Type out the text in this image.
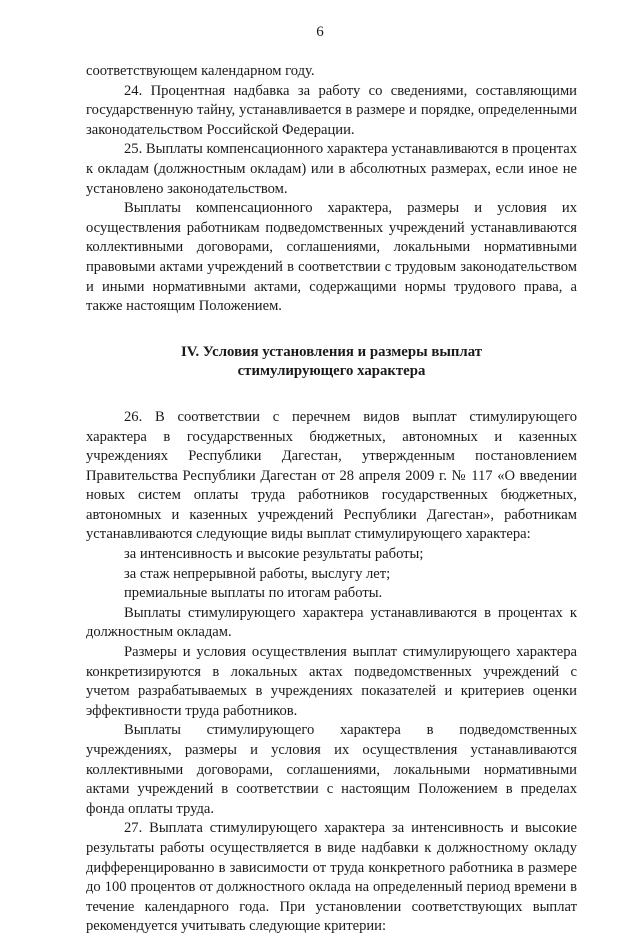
6

соответствующем календарном году.

24. Процентная надбавка за работу со сведениями, составляющими государственную тайну, устанавливается в размере и порядке, определенными законодательством Российской Федерации.

25. Выплаты компенсационного характера устанавливаются в процентах к окладам (должностным окладам) или в абсолютных размерах, если иное не установлено законодательством.

Выплаты компенсационного характера, размеры и условия их осуществления работникам подведомственных учреждений устанавливаются коллективными договорами, соглашениями, локальными нормативными правовыми актами учреждений в соответствии с трудовым законодательством и иными нормативными актами, содержащими нормы трудового права, а также настоящим Положением.

IV. Условия установления и размеры выплат
стимулирующего характера

26. В соответствии с перечнем видов выплат стимулирующего характера в государственных бюджетных, автономных и казенных учреждениях Республики Дагестан, утвержденным постановлением Правительства Республики Дагестан от 28 апреля 2009 г. № 117 «О введении новых систем оплаты труда работников государственных бюджетных, автономных и казенных учреждений Республики Дагестан», работникам устанавливаются следующие виды выплат стимулирующего характера:

за интенсивность и высокие результаты работы;

за стаж непрерывной работы, выслугу лет;

премиальные выплаты по итогам работы.

Выплаты стимулирующего характера устанавливаются в процентах к должностным окладам.

Размеры и условия осуществления выплат стимулирующего характера конкретизируются в локальных актах подведомственных учреждений с учетом разрабатываемых в учреждениях показателей и критериев оценки эффективности труда работников.

Выплаты стимулирующего характера в подведомственных учреждениях, размеры и условия их осуществления устанавливаются коллективными договорами, соглашениями, локальными нормативными актами учреждений в соответствии с настоящим Положением в пределах фонда оплаты труда.

27. Выплата стимулирующего характера за интенсивность и высокие результаты работы осуществляется в виде надбавки к должностному окладу дифференцированно в зависимости от труда конкретного работника в размере до 100 процентов от должностного оклада на определенный период времени в течение календарного года. При установлении соответствующих выплат рекомендуется учитывать следующие критерии:
